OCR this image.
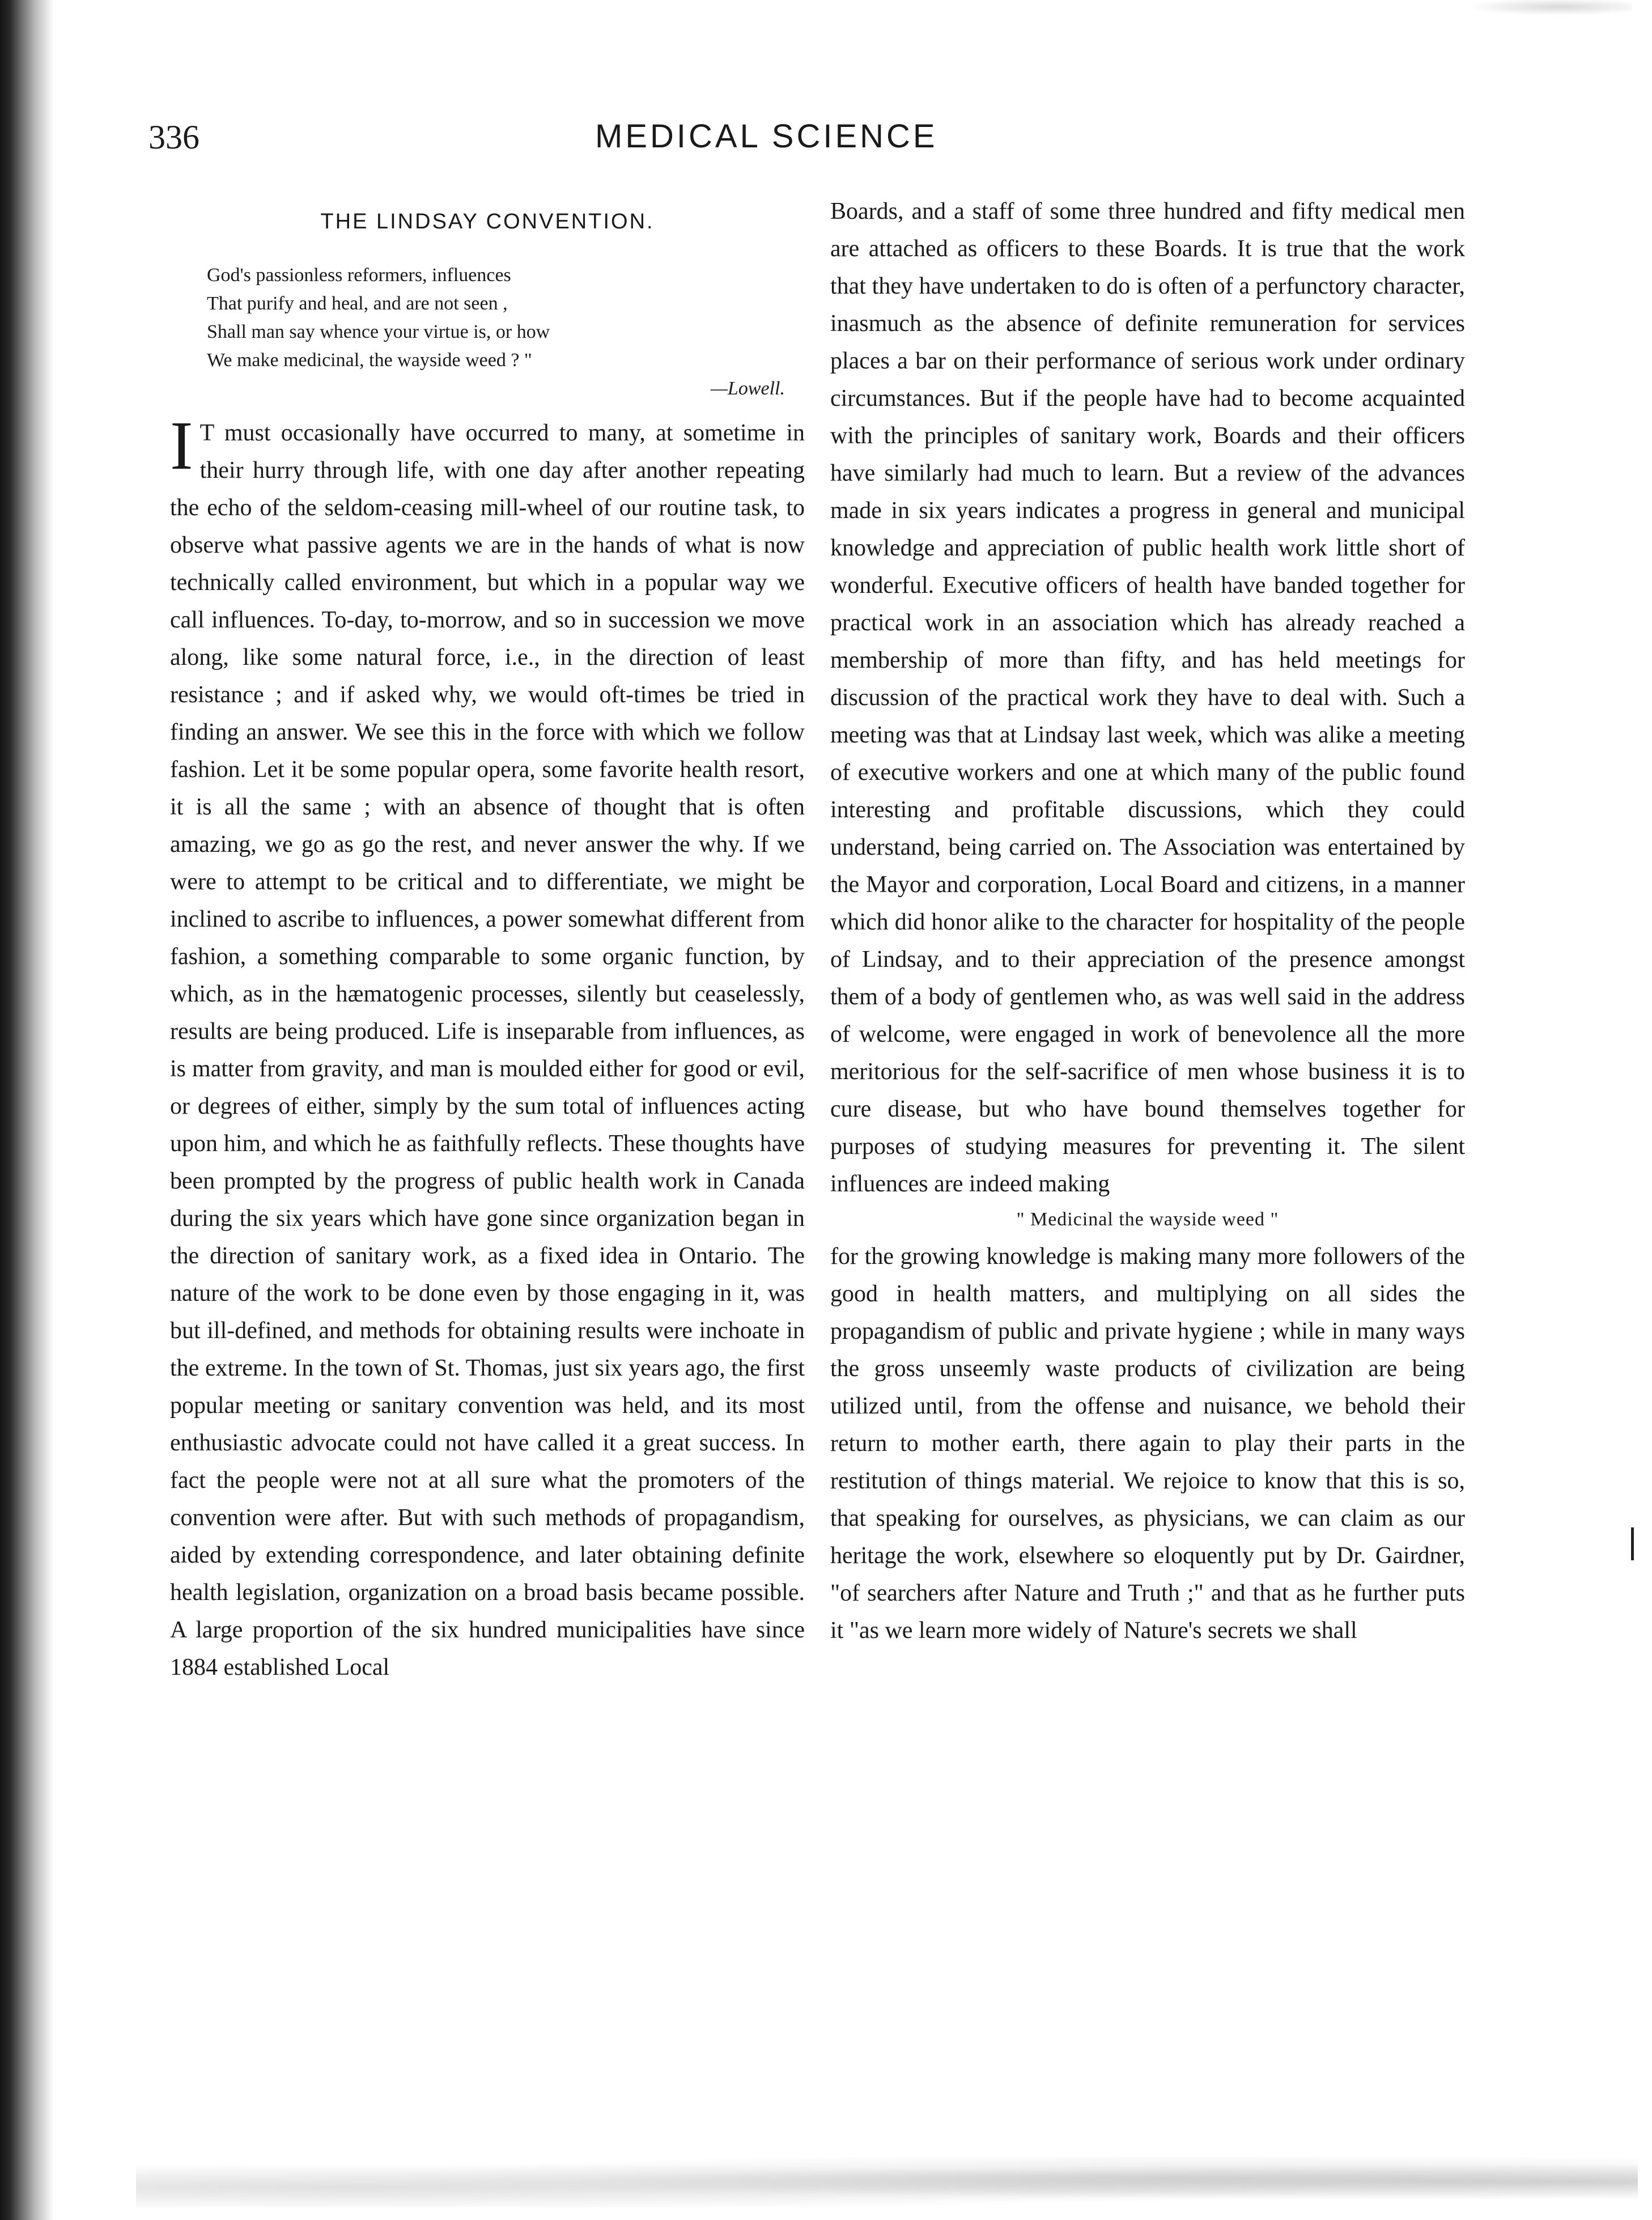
336	MEDICAL SCIENCE
THE LINDSAY CONVENTION.
God's passionless reformers, influences
That purify and heal, and are not seen ,
Shall man say whence your virtue is, or how
We make medicinal, the wayside weed ? "
—Lowell.

I T must occasionally have occurred to many, at sometime in their hurry through life, with one day after another repeating the echo of the seldom-ceasing mill-wheel of our routine task, to observe what passive agents we are in the hands of what is now technically called environment, but which in a popular way we call influences. To-day, to-morrow, and so in succession we move along, like some natural force, i.e., in the direction of least resistance ; and if asked why, we would oft-times be tried in finding an answer. We see this in the force with which we follow fashion. Let it be some popular opera, some favorite health resort, it is all the same ; with an absence of thought that is often amazing, we go as go the rest, and never answer the why. If we were to attempt to be critical and to differentiate, we might be inclined to ascribe to influences, a power somewhat different from fashion, a something comparable to some organic function, by which, as in the hæmatogenic processes, silently but ceaselessly, results are being produced. Life is inseparable from influences, as is matter from gravity, and man is moulded either for good or evil, or degrees of either, simply by the sum total of influences acting upon him, and which he as faithfully reflects. These thoughts have been prompted by the progress of public health work in Canada during the six years which have gone since organization began in the direction of sanitary work, as a fixed idea in Ontario. The nature of the work to be done even by those engaging in it, was but ill-defined, and methods for obtaining results were inchoate in the extreme. In the town of St. Thomas, just six years ago, the first popular meeting or sanitary convention was held, and its most enthusiastic advocate could not have called it a great success. In fact the people were not at all sure what the promoters of the convention were after. But with such methods of propagandism, aided by extending correspondence, and later obtaining definite health legislation, organization on a broad basis became possible. A large proportion of the six hundred municipalities have since 1884 established Local

Boards, and a staff of some three hundred and fifty medical men are attached as officers to these Boards. It is true that the work that they have undertaken to do is often of a perfunctory character, inasmuch as the absence of definite remuneration for services places a bar on their performance of serious work under ordinary circumstances. But if the people have had to become acquainted with the principles of sanitary work, Boards and their officers have similarly had much to learn. But a review of the advances made in six years indicates a progress in general and municipal knowledge and appreciation of public health work little short of wonderful. Executive officers of health have banded together for practical work in an association which has already reached a membership of more than fifty, and has held meetings for discussion of the practical work they have to deal with. Such a meeting was that at Lindsay last week, which was alike a meeting of executive workers and one at which many of the public found interesting and profitable discussions, which they could understand, being carried on. The Association was entertained by the Mayor and corporation, Local Board and citizens, in a manner which did honor alike to the character for hospitality of the people of Lindsay, and to their appreciation of the presence amongst them of a body of gentlemen who, as was well said in the address of welcome, were engaged in work of benevolence all the more meritorious for the self-sacrifice of men whose business it is to cure disease, but who have bound themselves together for purposes of studying measures for preventing it. The silent influences are indeed making

" Medicinal the wayside weed "

for the growing knowledge is making many more followers of the good in health matters, and multiplying on all sides the propagandism of public and private hygiene ; while in many ways the gross unseemly waste products of civilization are being utilized until, from the offense and nuisance, we behold their return to mother earth, there again to play their parts in the restitution of things material. We rejoice to know that this is so, that speaking for ourselves, as physicians, we can claim as our heritage the work, elsewhere so eloquently put by Dr. Gairdner, "of searchers after Nature and Truth ;" and that as he further puts it "as we learn more widely of Nature's secrets we shall
